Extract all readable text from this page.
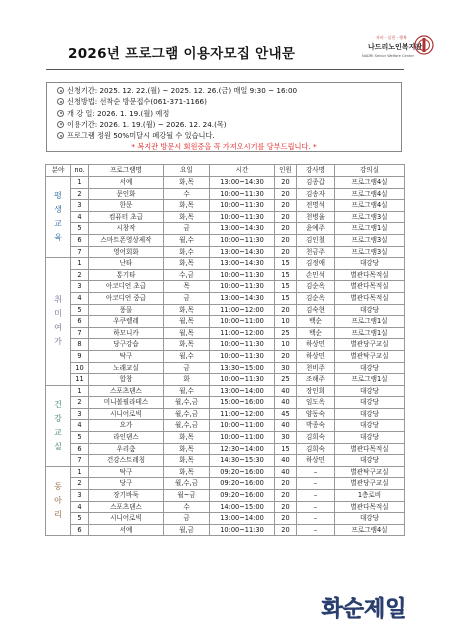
2026년 프로그램 이용자모집 안내문
자비 · 실천 · 행복
나드리노인복지관
NADRI Senior Welfare Center
신청기간: 2025. 12. 22.(월) ~ 2025. 12. 26.(금) 매일 9:30 ~ 16:00
신청방법: 선착순 방문접수(061-371-1166)
개 강 일: 2026. 1. 19.(월) 예정
이용기간: 2026. 1. 19.(월) ~ 2026. 12. 24.(목)
프로그램 정원 50%미달시 폐강될 수 있습니다.
* 복지관 방문시 회원증을 꼭 가져오시기를 당부드립니다. *
분야	no.	프로그램명	요일	시간	인원	강사명	강의실

평
생
교
육	1	서예	화,목	13:00~14:30	20	김종갑	프로그램4실
	2	문인화	수	10:00~11:30	20	김송자	프로그램4실
	3	한문	화,목	10:00~11:30	20	전명석	프로그램4실
	4	컴퓨터 초급	화,목	10:00~11:30	20	천병율	프로그램3실
	5	시창작	금	13:00~14:30	20	윤예주	프로그램1실
	6	스마트폰영상제작	월,수	10:00~11:30	20	김인철	프로그램3실
	7	영어회화	화,수	13:00~14:30	20	천금주	프로그램3실

취
미
여
가	1	난타	화,목	13:00~14:30	15	김정애	대강당
	2	통기타	수,금	10:00~11:30	15	손민석	별관다목적실
	3	아코디언 초급	목	10:00~11:30	15	김순옥	별관다목적실
	4	아코디언 중급	금	13:00~14:30	15	김순옥	별관다목적실
	5	풍물	화,목	11:00~12:00	20	김숙현	대강당
	6	우쿠렐레	월,목	10:00~11:00	10	백순	프로그램1실
	7	하모니카	월,목	11:00~12:00	25	백순	프로그램1실
	8	당구강습	화,목	10:00~11:30	10	하상민	별관당구교실
	9	탁구	월,수	10:00~11:30	20	하상민	별관탁구교실
	10	노래교실	금	13:30~15:00	30	천비주	대강당
	11	합창	화	10:00~11:30	25	조해주	프로그램1실

건
강
교
실	1	스포츠댄스	월,수	13:00~14:00	40	장인희	대강당
	2	미니볼필라테스	월,수,금	15:00~16:00	40	임도옥	대강당
	3	시니어로빅	월,수,금	11:00~12:00	45	양동숙	대강당
	4	요가	월,수,금	10:00~11:00	40	박종숙	대강당
	5	라인댄스	화,목	10:00~11:00	30	김희숙	대강당
	6	우리춤	화,목	12:30~14:00	15	김희숙	별관다목적실
	7	건강스트레칭	화,목	14:30~15:30	40	하상민	대강당

동
아
리	1	탁구	화,목	09:20~16:00	40	–	별관탁구교실
	2	당구	월,수,금	09:20~16:00	20	–	별관당구교실
	3	장기바둑	월~금	09:20~16:00	20	–	1층로비
	4	스포츠댄스	수	14:00~15:00	20	–	별관다목적실
	5	시니어로빅	금	13:00~14:00	20	–	대강당
	6	서예	월,금	10:00~11:30	20	–	프로그램4실
화순제일
